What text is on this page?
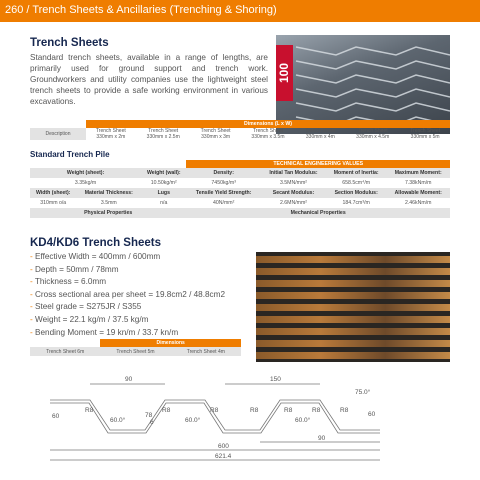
260 / Trench Sheets & Ancillaries (Trenching & Shoring)
Trench Sheets
Standard trench sheets, available in a range of lengths, are primarily used for ground support and trench work. Groundworkers and utility companies use the lightweight steel trench sheets to provide a safe working environment in various excavations.
100
	Dimensions (L x W)						
Description	Trench Sheet	Trench Sheet	Trench Sheet	Trench Sheet	Trench Sheet	Trench Sheet	Trench Sheet
	330mm x 2m	330mm x 2.5m	330mm x 3m	330mm x 3.5m	330mm x 4m	330mm x 4.5m	330mm x 5m
Standard Trench Pile
			TECHNICAL ENGINEERING VALUES			
Weight (sheet):		Weight (wall):	Density:	Initial Tan Modulus:	Moment of Inertia:	Maximum Moment:
3.35kg/m		10.50kg/m²	7450kg/m³	3.5MN/mm²	658.5cm⁴/m	7.38kNm/m
Width (sheet):	Material Thickness:	Lugs	Tensile Yield Strength:	Secant Modulus:	Section Modulus:	Allowable Moment:
310mm o/a	3.5mm	n/a	40N/mm²	2.6MN/mm²	184.7cm³/m	2.46kNm/m
Physical Properties			Mechanical Properties			
KD4/KD6 Trench Sheets
- Effective Width = 400mm / 600mm
- Depth = 50mm / 78mm
- Thickness = 6.0mm
- Cross sectional area per sheet = 19.8cm2 / 48.8cm2
- Steel grade = S275JR / S355
- Weight = 22.1 kg/m / 37.5 kg/m
- Bending Moment = 19 kn/m / 33.7 kn/m
	Dimensions	
Trench Sheet 6m	Trench Sheet 5m	Trench Sheet 4m
90	150
75.0°
60	60
R8	R8	R8	R8	R8	R8	R8
60.0°	60.0°	60.0°
78
6
90
600
621.4
